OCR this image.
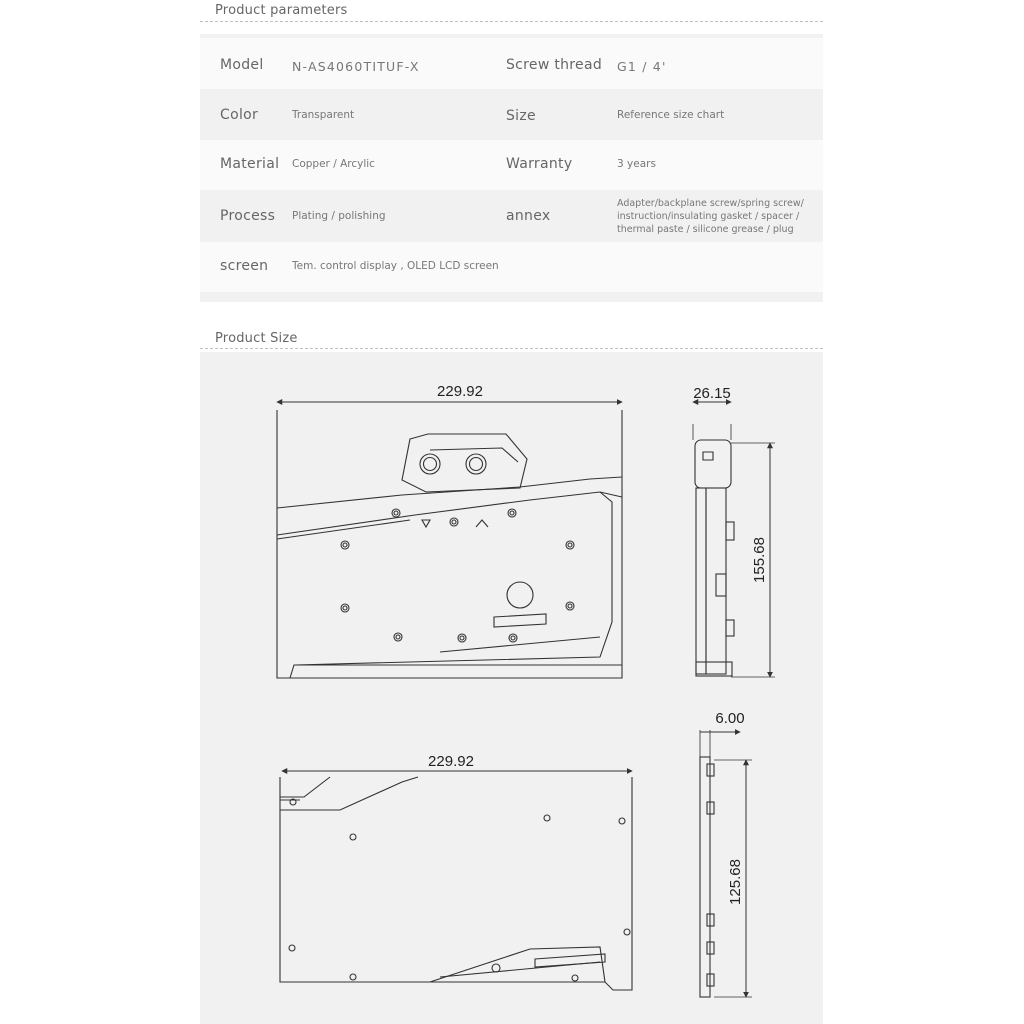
Product parameters
Model N-AS4060TITUF-X	Screw thread G1 / 4'
Color	Transparent	Size	Reference size chart
Material Copper / Arcylic	Warranty	3 years
Process Plating / polishing	annex
Adapter/backplane screw/spring screw/
instruction/insulating gasket / spacer /
thermal paste / silicone grease / plug
screen Tem. control display , OLED LCD screen
Product Size
229.92	26.15
155.68
229.92
6.00
125.68
